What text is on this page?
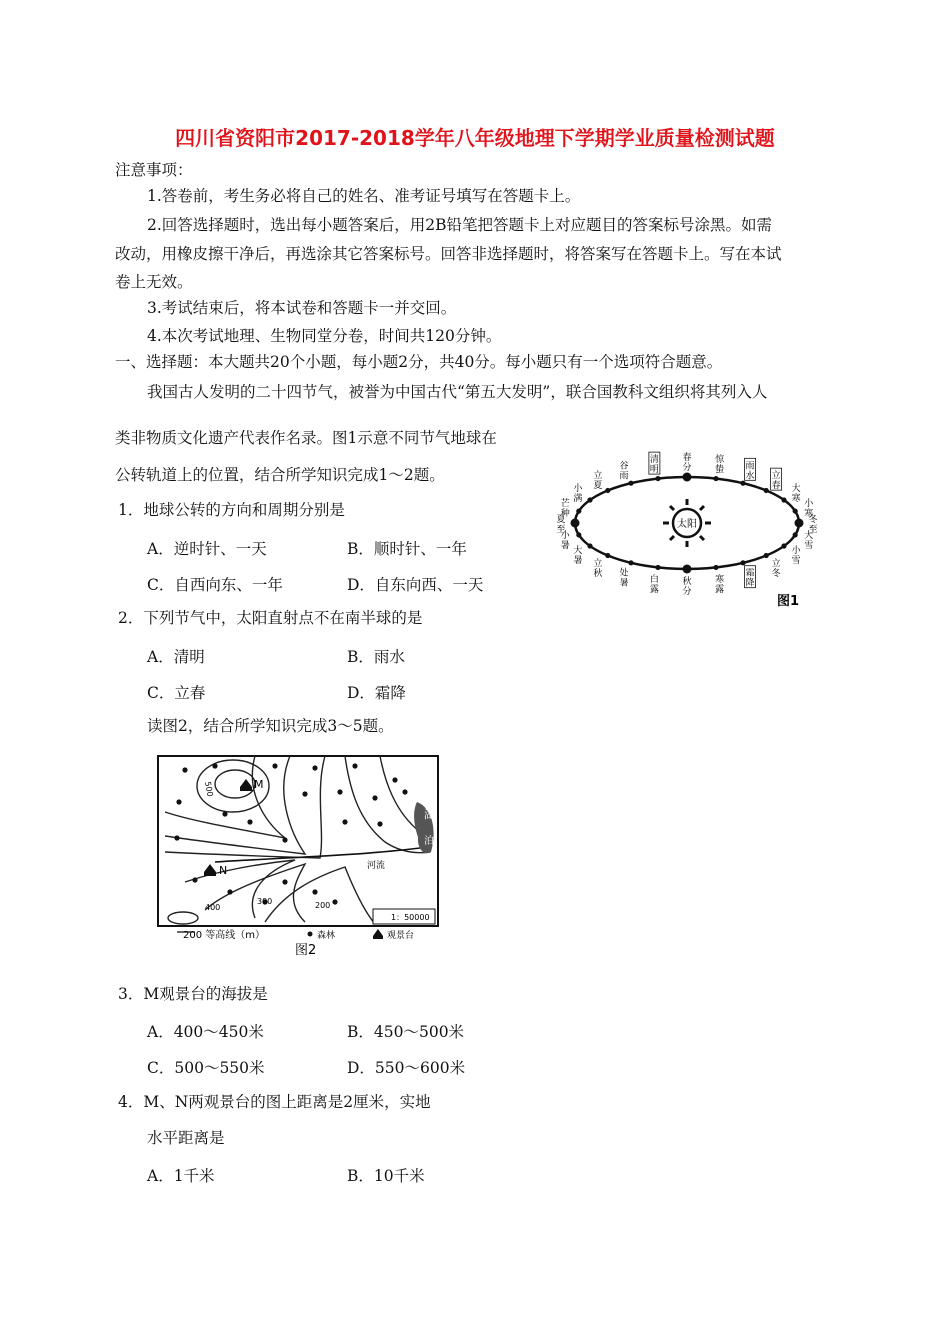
四川省资阳市2017-2018学年八年级地理下学期学业质量检测试题
注意事项：
1.答卷前，考生务必将自己的姓名、准考证号填写在答题卡上。
2.回答选择题时，选出每小题答案后，用2B铅笔把答题卡上对应题目的答案标号涂黑。如需
改动，用橡皮擦干净后，再选涂其它答案标号。回答非选择题时，将答案写在答题卡上。写在本试
卷上无效。
3.考试结束后，将本试卷和答题卡一并交回。
4.本次考试地理、生物同堂分卷，时间共120分钟。
一、选择题：本大题共20个小题，每小题2分，共40分。每小题只有一个选项符合题意。
我国古人发明的二十四节气，被誉为中国古代“第五大发明”，联合国教科文组织将其列入人
类非物质文化遗产代表作名录。图1示意不同节气地球在
公转轨道上的位置，结合所学知识完成1～2题。
1．地球公转的方向和周期分别是
A．逆时针、一天	B．顺时针、一年
C．自西向东、一年	D．自东向西、一天
2．下列节气中，太阳直射点不在南半球的是
A．清明	B．雨水
C．立春	D．霜降
读图2，结合所学知识完成3～5题。
太阳
春
分
惊
蛰 雨
水 立
春 大
寒 小
寒
冬
至
大
雪
小
雪
立
冬
霜
降
寒
露
秋
分
白
露
处
暑
立
秋
大
暑
小
暑
夏
至
芒
种
小
满
立
夏
谷
雨
清
明
图1
M
N	河流
湖
泊
500
400
300	200
1：50000
200 等高线（m）	森林	观景台
图2
3．M观景台的海拔是
A．400～450米	B．450～500米
C．500～550米	D．550～600米
4．M、N两观景台的图上距离是2厘米，实地
水平距离是
A．1千米	B．10千米
